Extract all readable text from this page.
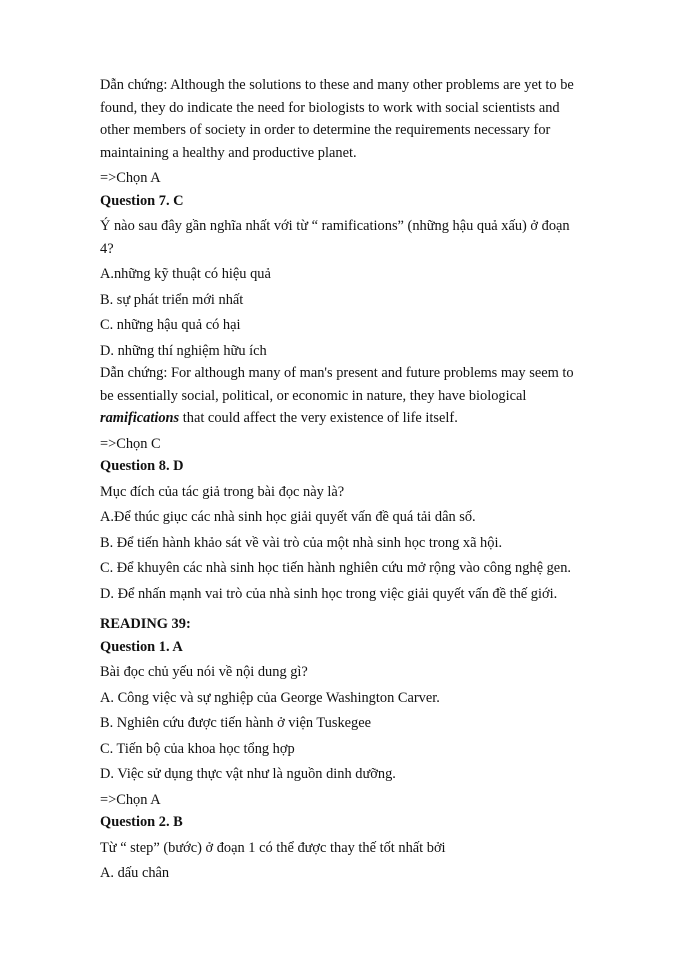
Dẫn chứng: Although the solutions to these and many other problems are yet to be

found, they do indicate the need for biologists to work with social scientists and

other members of society in order to determine the requirements necessary for

maintaining a healthy and productive planet.

=>Chọn A

Question 7. C

Ý nào sau đây gần nghĩa nhất với từ “ ramifications” (những hậu quả xấu) ở đoạn

4?

A.những kỹ thuật có hiệu quả

B. sự phát triển mới nhất

C. những hậu quả có hại

D. những thí nghiệm hữu ích

Dẫn chứng: For although many of man's present and future problems may seem to

be essentially social, political, or economic in nature, they have biological

ramifications that could affect the very existence of life itself.

=>Chọn C

Question 8. D

Mục đích của tác giả trong bài đọc này là?

A.Để thúc giục các nhà sinh học giải quyết vấn đề quá tải dân số.

B. Để tiến hành khảo sát về vài trò của một nhà sinh học trong xã hội.

C. Để khuyên các nhà sinh học tiến hành nghiên cứu mở rộng vào công nghệ gen.

D. Để nhấn mạnh vai trò của nhà sinh học trong việc giải quyết vấn đề thế giới.

READING 39:

Question 1. A

Bài đọc chủ yếu nói về nội dung gì?

A. Công việc và sự nghiệp của George Washington Carver.

B. Nghiên cứu được tiến hành ở viện Tuskegee

C. Tiến bộ của khoa học tổng hợp

D. Việc sử dụng thực vật như là nguồn dinh dưỡng.

=>Chọn A

Question 2. B

Từ “ step” (bước) ở đoạn 1 có thể được thay thế tốt nhất bởi

A. dấu chân
